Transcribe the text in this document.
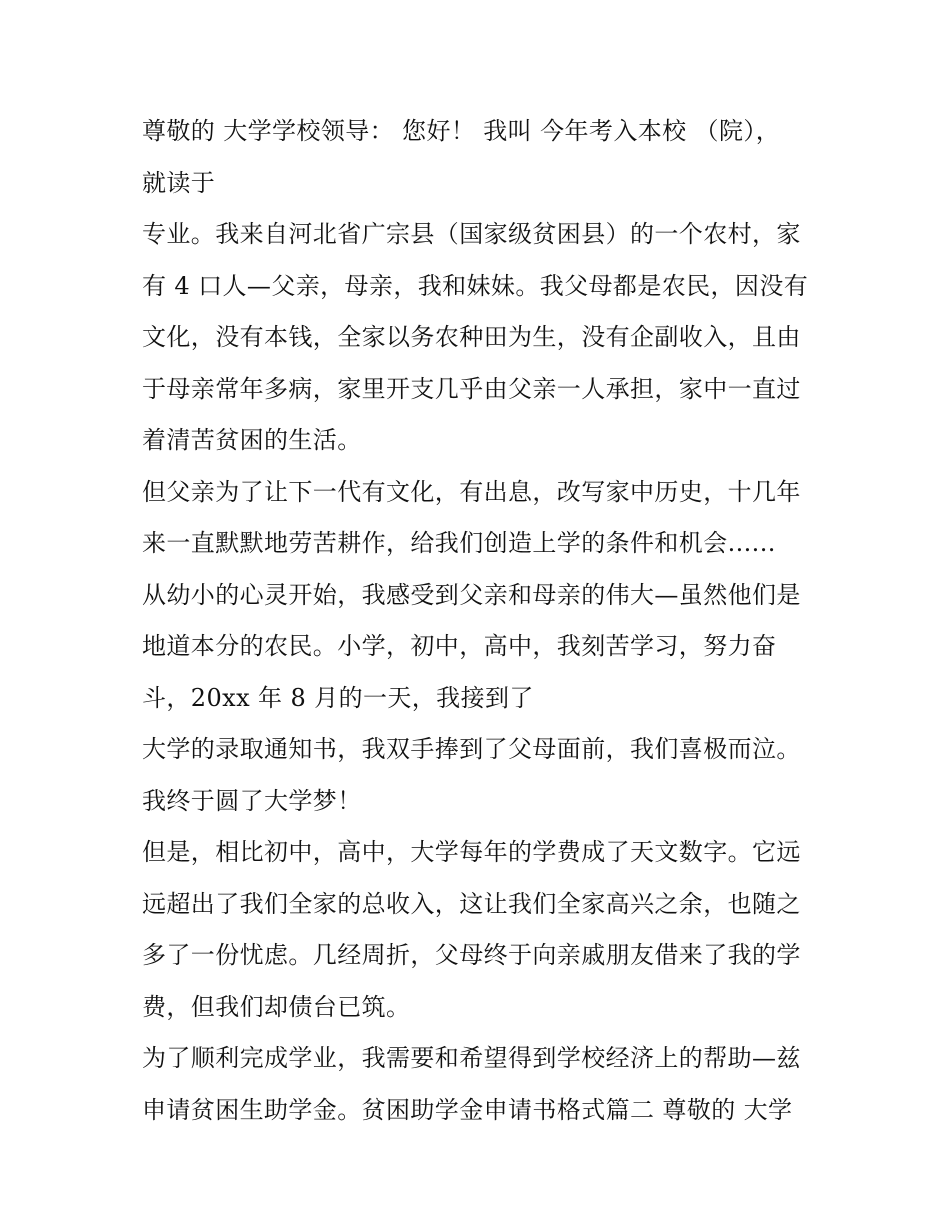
尊敬的 大学学校领导： 您好！ 我叫 今年考入本校 （院），
就读于
专业。我来自河北省广宗县（国家级贫困县）的一个农村，家
有 4 口人—父亲，母亲，我和妹妹。我父母都是农民，因没有
文化，没有本钱，全家以务农种田为生，没有企副收入，且由
于母亲常年多病，家里开支几乎由父亲一人承担，家中一直过
着清苦贫困的生活。
但父亲为了让下一代有文化，有出息，改写家中历史，十几年
来一直默默地劳苦耕作，给我们创造上学的条件和机会......
从幼小的心灵开始，我感受到父亲和母亲的伟大—虽然他们是
地道本分的农民。小学，初中，高中，我刻苦学习，努力奋
斗，20xx 年 8 月的一天，我接到了
大学的录取通知书，我双手捧到了父母面前，我们喜极而泣。
我终于圆了大学梦！
但是，相比初中，高中，大学每年的学费成了天文数字。它远
远超出了我们全家的总收入，这让我们全家高兴之余，也随之
多了一份忧虑。几经周折，父母终于向亲戚朋友借来了我的学
费，但我们却债台已筑。
为了顺利完成学业，我需要和希望得到学校经济上的帮助—兹
申请贫困生助学金。贫困助学金申请书格式篇二 尊敬的 大学
